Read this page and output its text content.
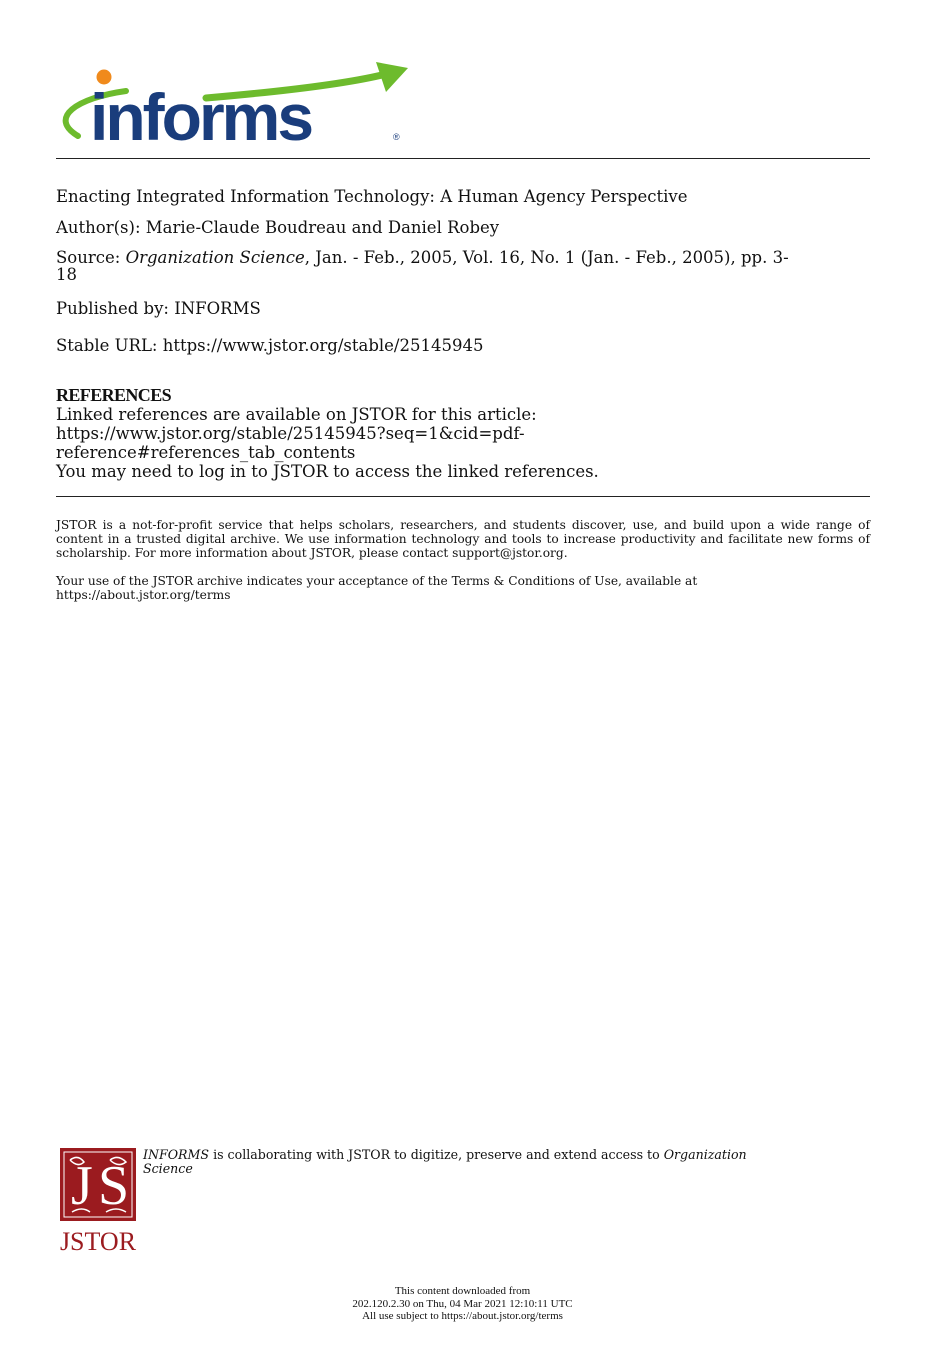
informs	®

Enacting Integrated Information Technology: A Human Agency Perspective

Author(s): Marie-Claude Boudreau and Daniel Robey

Source: Organization Science, Jan. - Feb., 2005, Vol. 16, No. 1 (Jan. - Feb., 2005), pp. 3-
18

Published by: INFORMS

Stable URL: https://www.jstor.org/stable/25145945

REFERENCES
Linked references are available on JSTOR for this article:
https://www.jstor.org/stable/25145945?seq=1&cid=pdf-
reference#references_tab_contents
You may need to log in to JSTOR to access the linked references.

JSTOR is a not-for-profit service that helps scholars, researchers, and students discover, use, and build upon a wide range of content in a trusted digital archive. We use information technology and tools to increase productivity and facilitate new forms of scholarship. For more information about JSTOR, please contact support@jstor.org.

Your use of the JSTOR archive indicates your acceptance of the Terms & Conditions of Use, available at
https://about.jstor.org/terms

J S
JSTOR
INFORMS is collaborating with JSTOR to digitize, preserve and extend access to Organization
Science
This content downloaded from
202.120.2.30 on Thu, 04 Mar 2021 12:10:11 UTC
All use subject to https://about.jstor.org/terms
